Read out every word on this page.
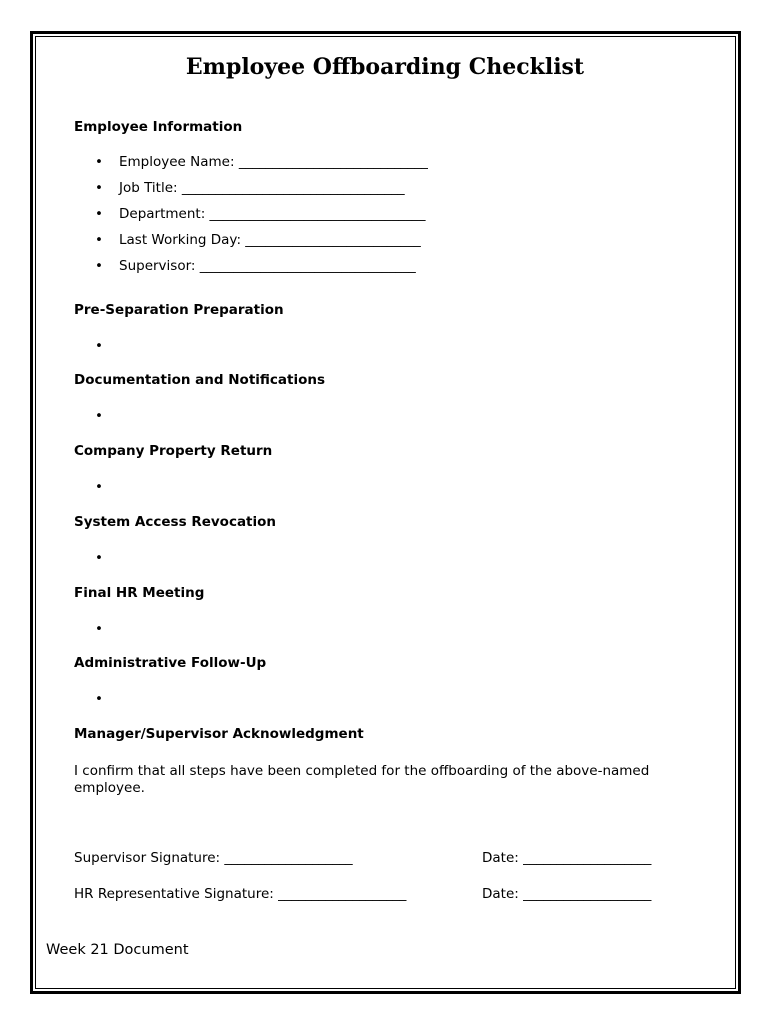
Employee Offboarding Checklist
Employee Information
• Employee Name: ____________________________
• Job Title: _________________________________
• Department: ________________________________
• Last Working Day: __________________________
• Supervisor: ________________________________
Pre-Separation Preparation
•
Documentation and Notifications
•
Company Property Return
•
System Access Revocation
•
Final HR Meeting
•
Administrative Follow-Up
•
Manager/Supervisor Acknowledgment
I confirm that all steps have been completed for the offboarding of the above-named employee.
Supervisor Signature: ___________________	Date: ___________________
HR Representative Signature: ___________________	Date: ___________________
Week 21 Document
